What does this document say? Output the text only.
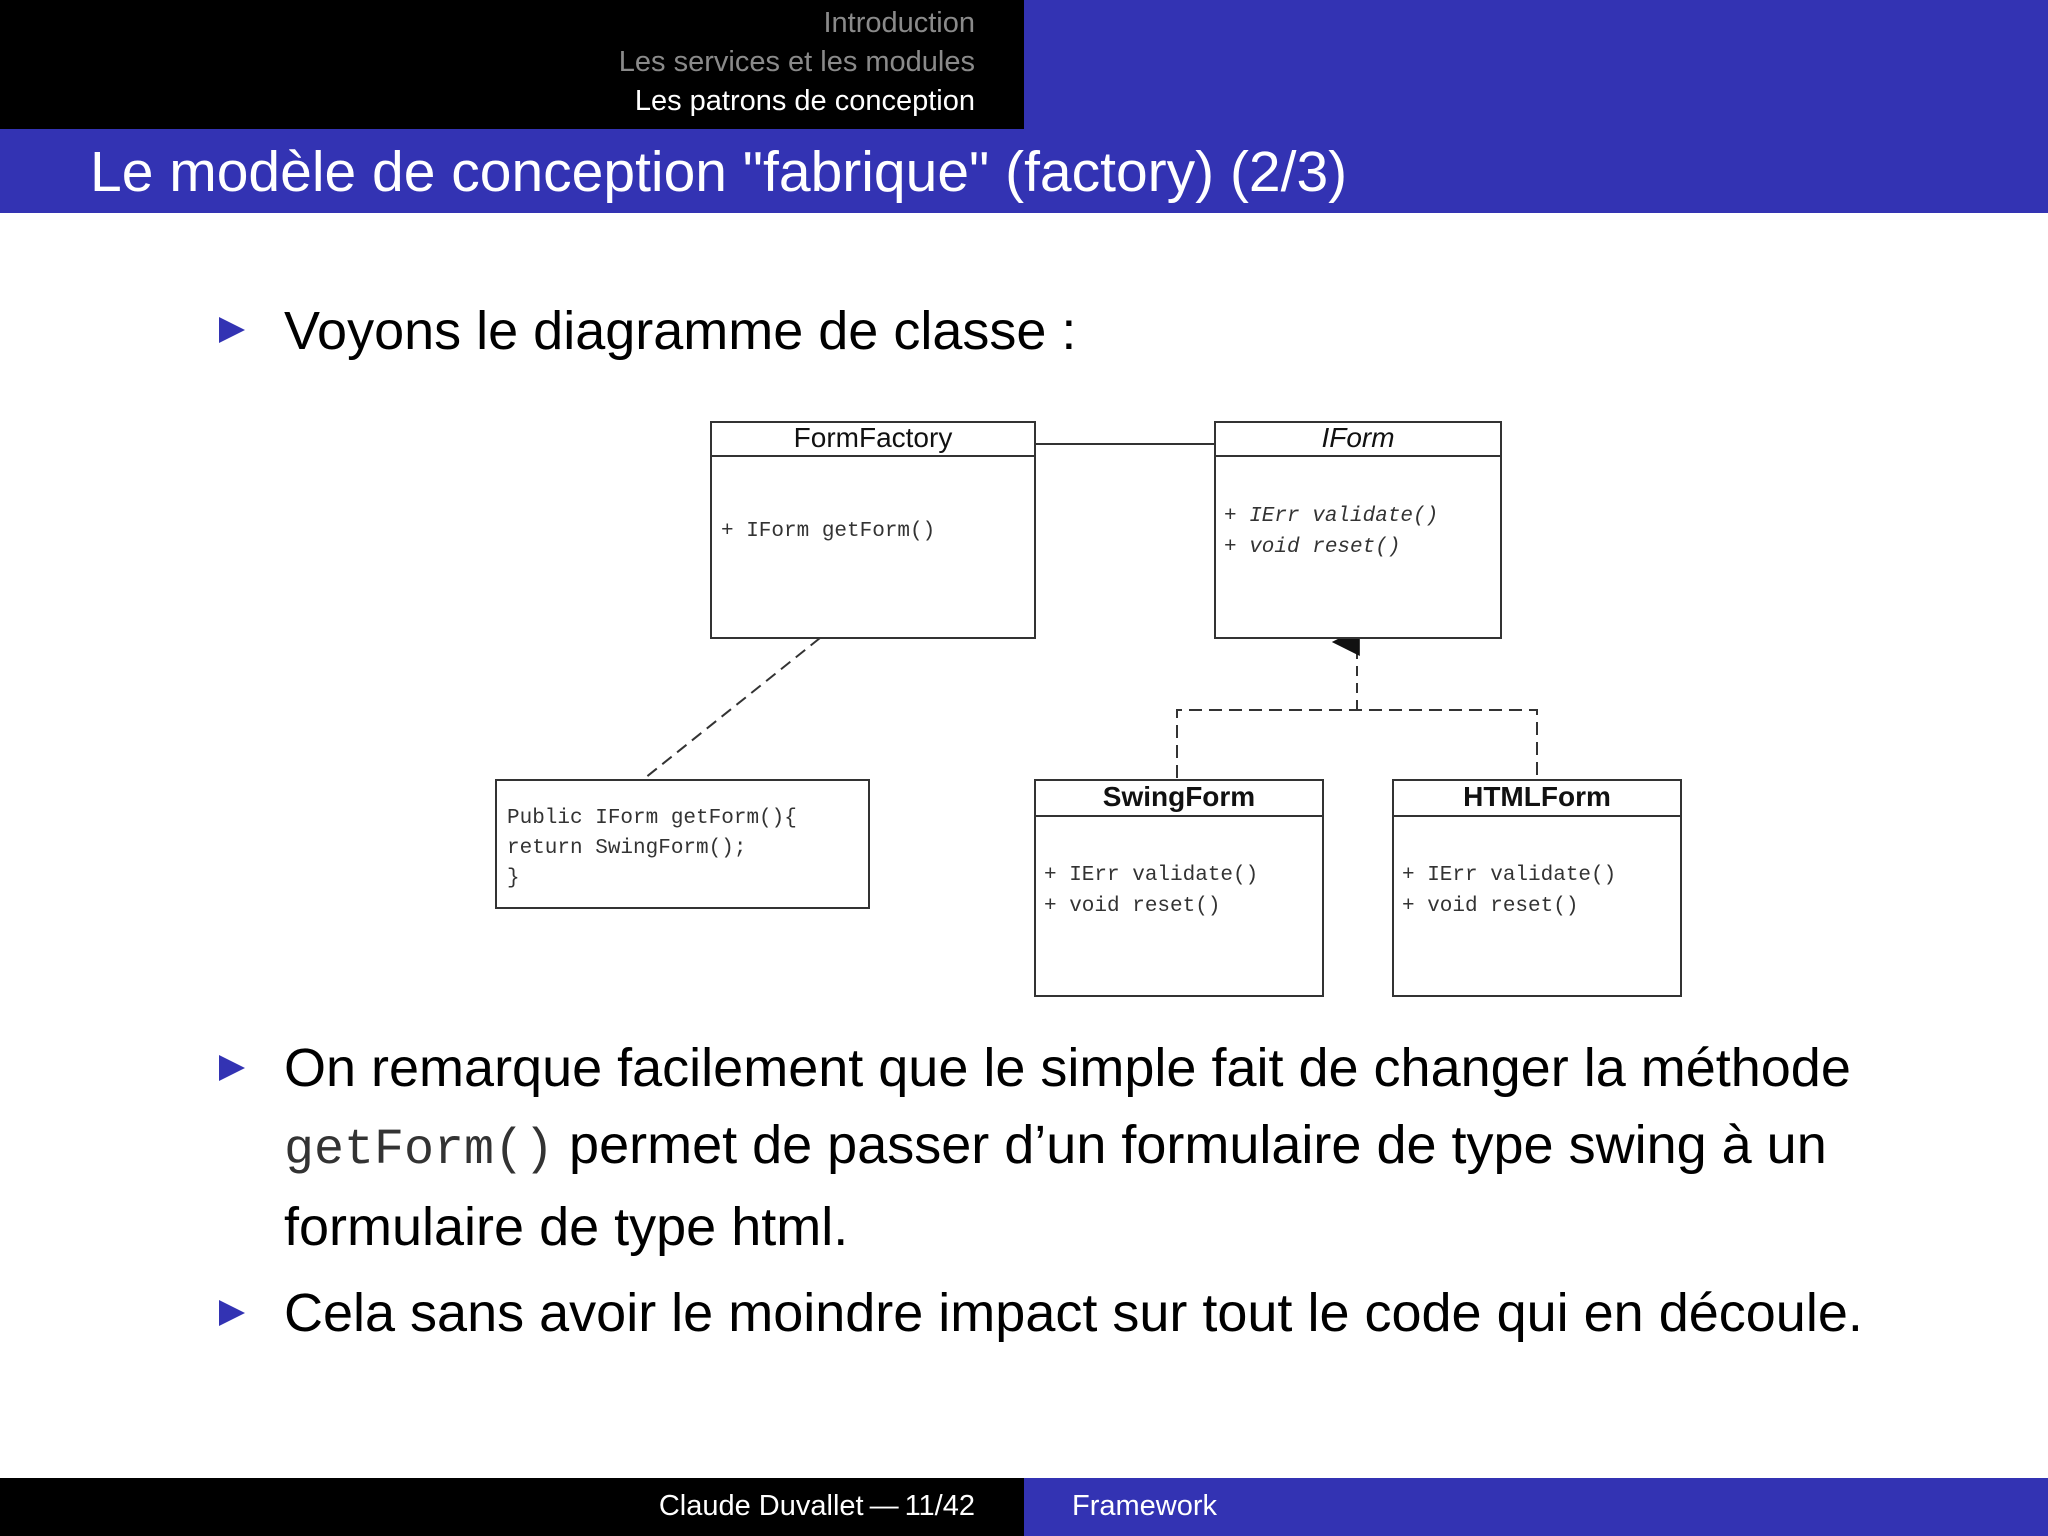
Introduction
Les services et les modules
Les patrons de conception
Le modèle de conception "fabrique" (factory) (2/3)
Voyons le diagramme de classe :
FormFactory
+ IForm getForm()
IForm
+ IErr validate()
+ void reset()
Public IForm getForm(){
return SwingForm();
}
SwingForm
+ IErr validate()
+ void reset()
HTMLForm
+ IErr validate()
+ void reset()
On remarque facilement que le simple fait de changer la méthode getForm() permet de passer d’un formulaire de type swing à un formulaire de type html.
Cela sans avoir le moindre impact sur tout le code qui en découle.
Claude Duvallet — 11/42	Framework
